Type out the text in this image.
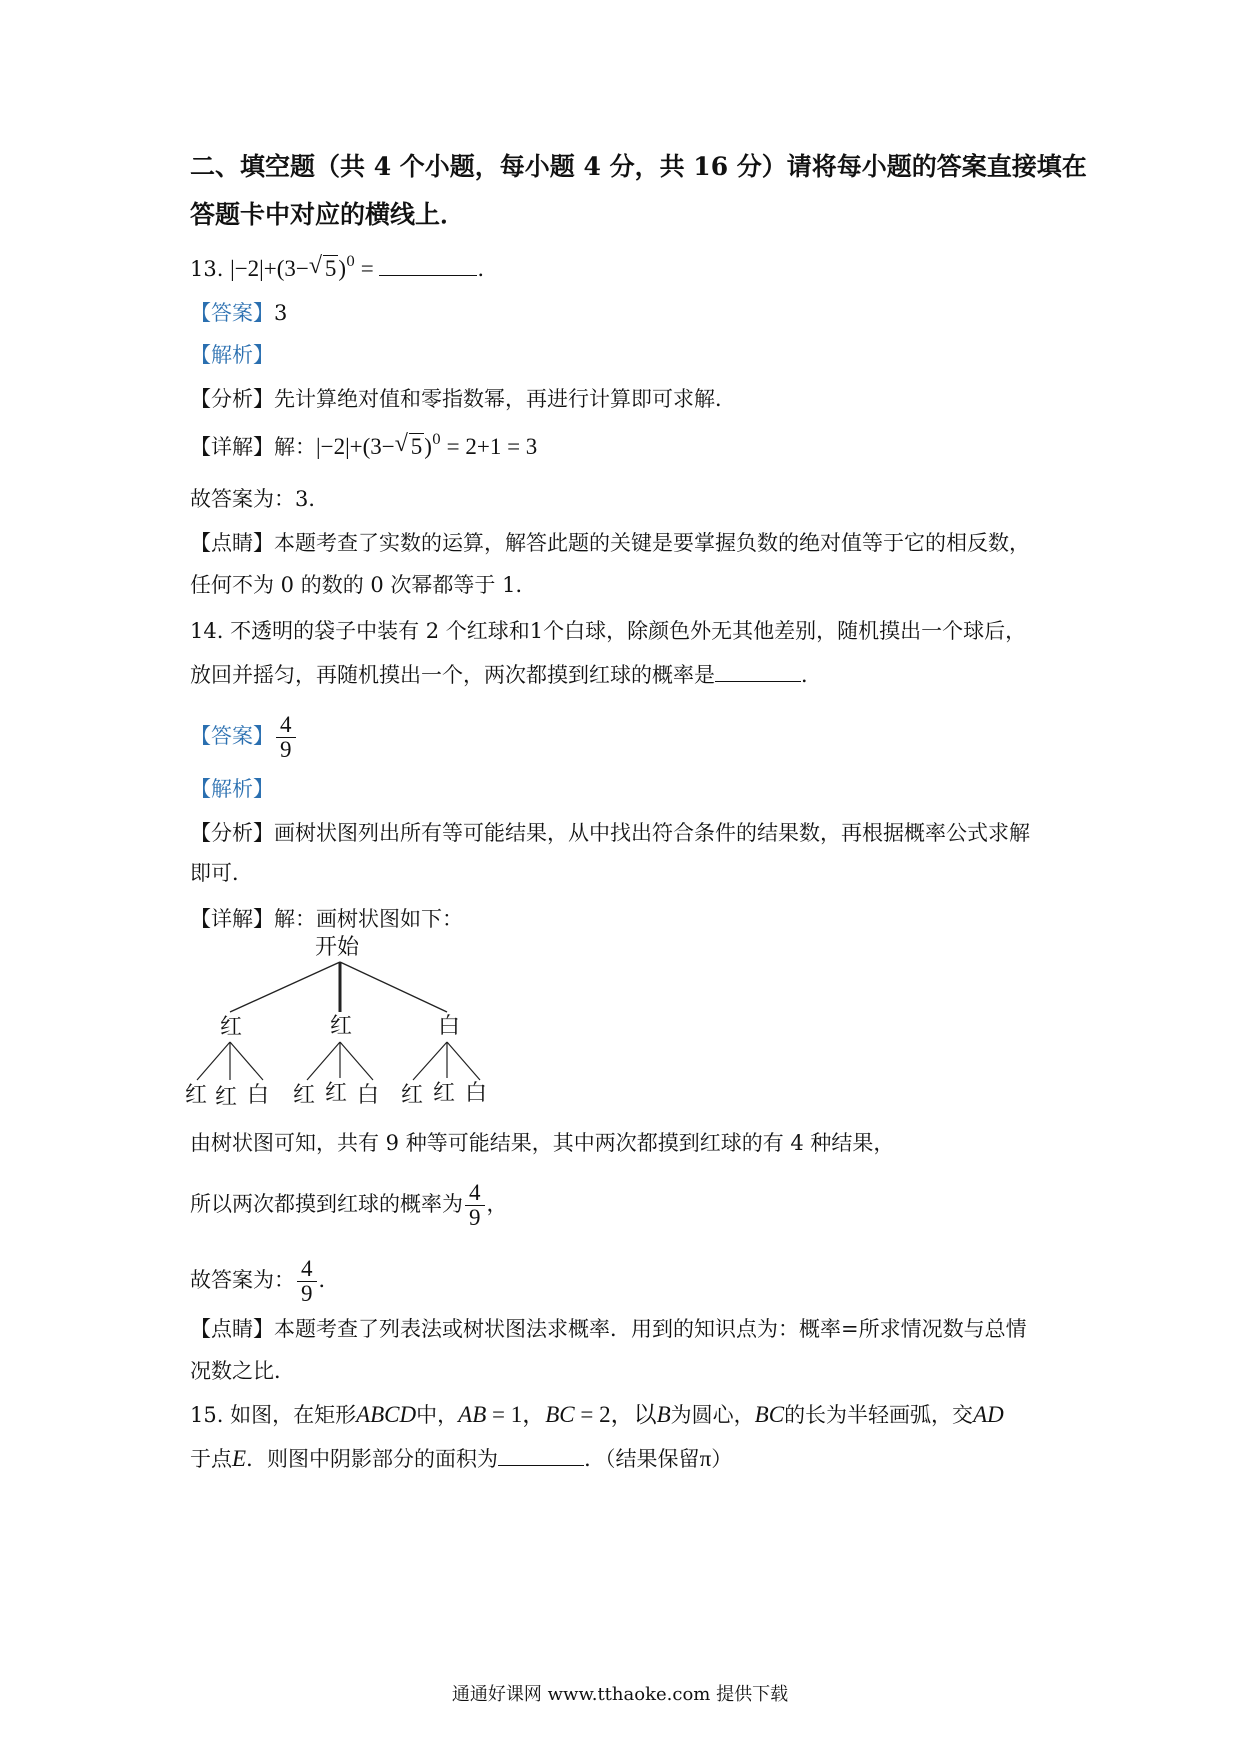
二、填空题（共 4 个小题，每小题 4 分，共 16 分）请将每小题的答案直接填在
答题卡中对应的横线上．
13. |−2|+(3− √ 5)$^0$ =	．
【答案】3
【解析】
【分析】先计算绝对值和零指数幂，再进行计算即可求解．
【详解】解：|−2|+(3− √ 5)$^0$ = 2+1 = 3
故答案为：3．
【点睛】本题考查了实数的运算，解答此题的关键是要掌握负数的绝对值等于它的相反数，
任何不为 0 的数的 0 次幂都等于 1．
14. 不透明的袋子中装有 2 个红球和1个白球，除颜色外无其他差别，随机摸出一个球后，
放回并摇匀，再随机摸出一个，两次都摸到红球的概率是	．
【答案】 $\frac{4}{9}$
【解析】
【分析】画树状图列出所有等可能结果，从中找出符合条件的结果数，再根据概率公式求解
即可．
【详解】解：画树状图如下：
开始
红	红	白
红 红 白 红 红 白 红 红 白
由树状图可知，共有 9 种等可能结果，其中两次都摸到红球的有 4 种结果，
所以两次都摸到红球的概率为 $\frac{4}{9}$ ，
故答案为： $\frac{4}{9}$ ．
【点睛】本题考查了列表法或树状图法求概率．用到的知识点为：概率=所求情况数与总情
况数之比．
15. 如图，在矩形ABCD中，AB = 1，BC = 2，以B为圆心，BC的长为半轻画弧，交AD
于点E．则图中阴影部分的面积为	．（结果保留π）
通通好课网 www.tthaoke.com 提供下载
